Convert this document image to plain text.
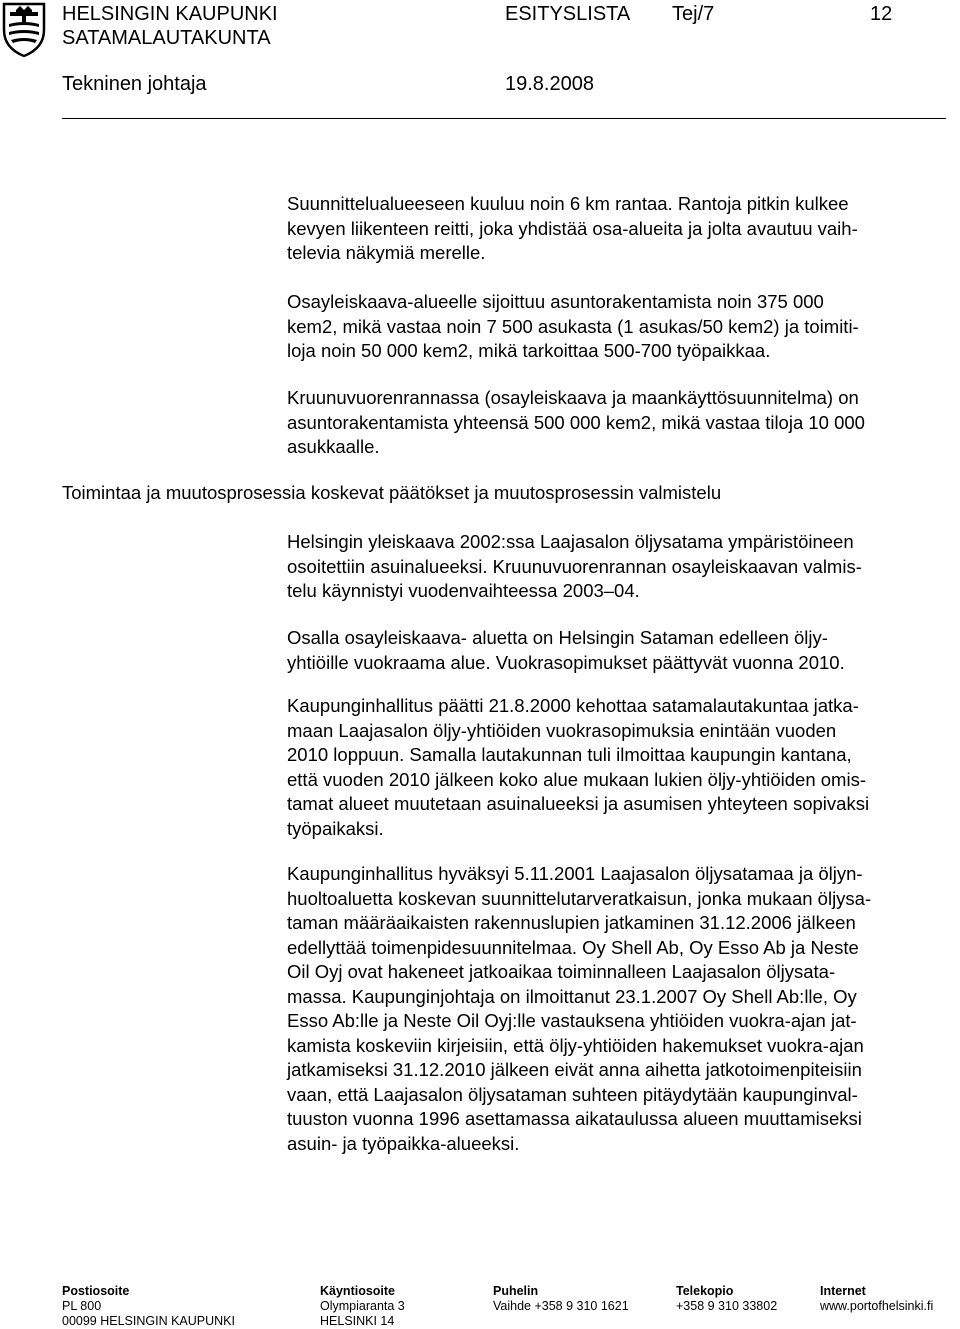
HELSINGIN KAUPUNKI
SATAMALAUTAKUNTA
ESITYSLISTA Tej/7	12
Tekninen johtaja	19.8.2008
Suunnittelualueeseen kuuluu noin 6 km rantaa. Rantoja pitkin kulkee
kevyen liikenteen reitti, joka yhdistää osa-alueita ja jolta avautuu vaih-
televia näkymiä merelle.
Osayleiskaava-alueelle sijoittuu asuntorakentamista noin 375 000
kem2, mikä vastaa noin 7 500 asukasta (1 asukas/50 kem2) ja toimiti-
loja noin 50 000 kem2, mikä tarkoittaa 500-700 työpaikkaa.
Kruunuvuorenrannassa (osayleiskaava ja maankäyttösuunnitelma) on
asuntorakentamista yhteensä 500 000 kem2, mikä vastaa tiloja 10 000
asukkaalle.
Toimintaa ja muutosprosessia koskevat päätökset ja muutosprosessin valmistelu
Helsingin yleiskaava 2002:ssa Laajasalon öljysatama ympäristöineen
osoitettiin asuinalueeksi. Kruunuvuorenrannan osayleiskaavan valmis-
telu käynnistyi vuodenvaihteessa 2003–04.
Osalla osayleiskaava- aluetta on Helsingin Sataman edelleen öljy-
yhtiöille vuokraama alue. Vuokrasopimukset päättyvät vuonna 2010.
Kaupunginhallitus päätti 21.8.2000 kehottaa satamalautakuntaa jatka-
maan Laajasalon öljy-yhtiöiden vuokrasopimuksia enintään vuoden
2010 loppuun. Samalla lautakunnan tuli ilmoittaa kaupungin kantana,
että vuoden 2010 jälkeen koko alue mukaan lukien öljy-yhtiöiden omis-
tamat alueet muutetaan asuinalueeksi ja asumisen yhteyteen sopivaksi
työpaikaksi.
Kaupunginhallitus hyväksyi 5.11.2001 Laajasalon öljysatamaa ja öljyn-
huoltoaluetta koskevan suunnittelutarveratkaisun, jonka mukaan öljysa-
taman määräaikaisten rakennuslupien jatkaminen 31.12.2006 jälkeen
edellyttää toimenpidesuunnitelmaa. Oy Shell Ab, Oy Esso Ab ja Neste
Oil Oyj ovat hakeneet jatkoaikaa toiminnalleen Laajasalon öljysata-
massa. Kaupunginjohtaja on ilmoittanut 23.1.2007 Oy Shell Ab:lle, Oy
Esso Ab:lle ja Neste Oil Oyj:lle vastauksena yhtiöiden vuokra-ajan jat-
kamista koskeviin kirjeisiin, että öljy-yhtiöiden hakemukset vuokra-ajan
jatkamiseksi 31.12.2010 jälkeen eivät anna aihetta jatkotoimenpiteisiin
vaan, että Laajasalon öljysataman suhteen pitäydytään kaupunginval-
tuuston vuonna 1996 asettamassa aikataulussa alueen muuttamiseksi
asuin- ja työpaikka-alueeksi.
Postiosoite
PL 800
00099 HELSINGIN KAUPUNKI
Käyntiosoite
Olympiaranta 3
HELSINKI 14
Puhelin
Vaihde +358 9 310 1621
Telekopio
+358 9 310 33802
Internet
www.portofhelsinki.fi
